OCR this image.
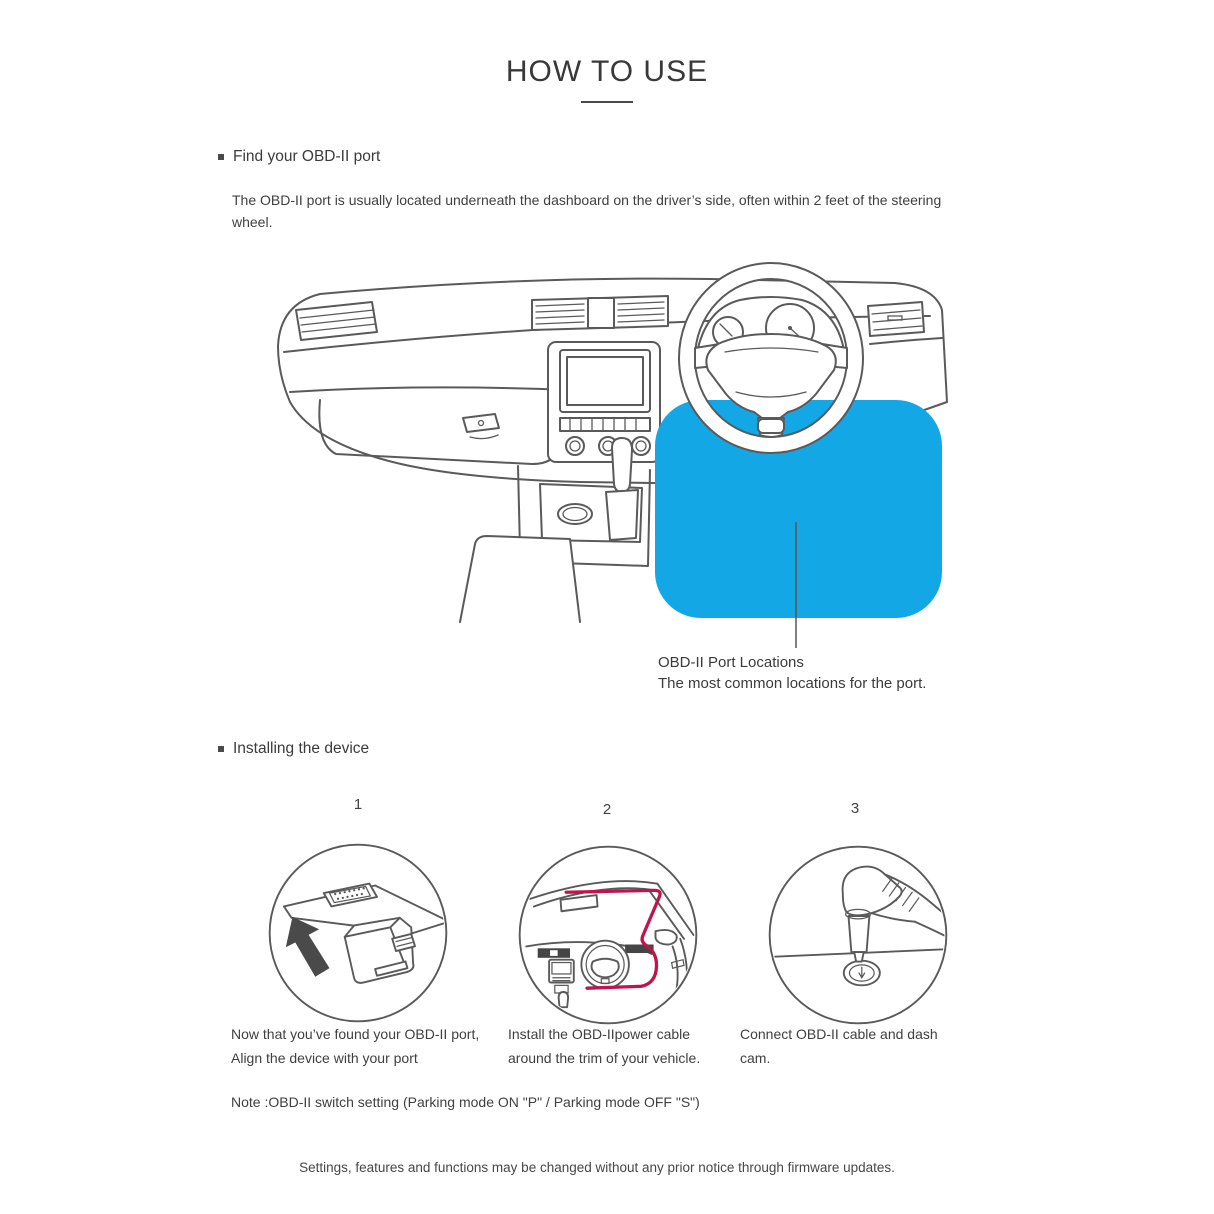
HOW TO USE
Find your OBD-II port
The OBD-II port is usually located underneath the dashboard on the driver’s side, often within 2 feet of the steering wheel.
OBD-II Port Locations
The most common locations for the port.
Installing the device
1	2	3
Now that you’ve found your OBD-II port, Align the device with your port
Install the OBD-IIpower cable around the trim of your vehicle.
Connect OBD-II cable and dash cam.
Note :OBD-II switch setting (Parking mode ON "P" / Parking mode OFF "S")
Settings, features and functions may be changed without any prior notice through firmware updates.
